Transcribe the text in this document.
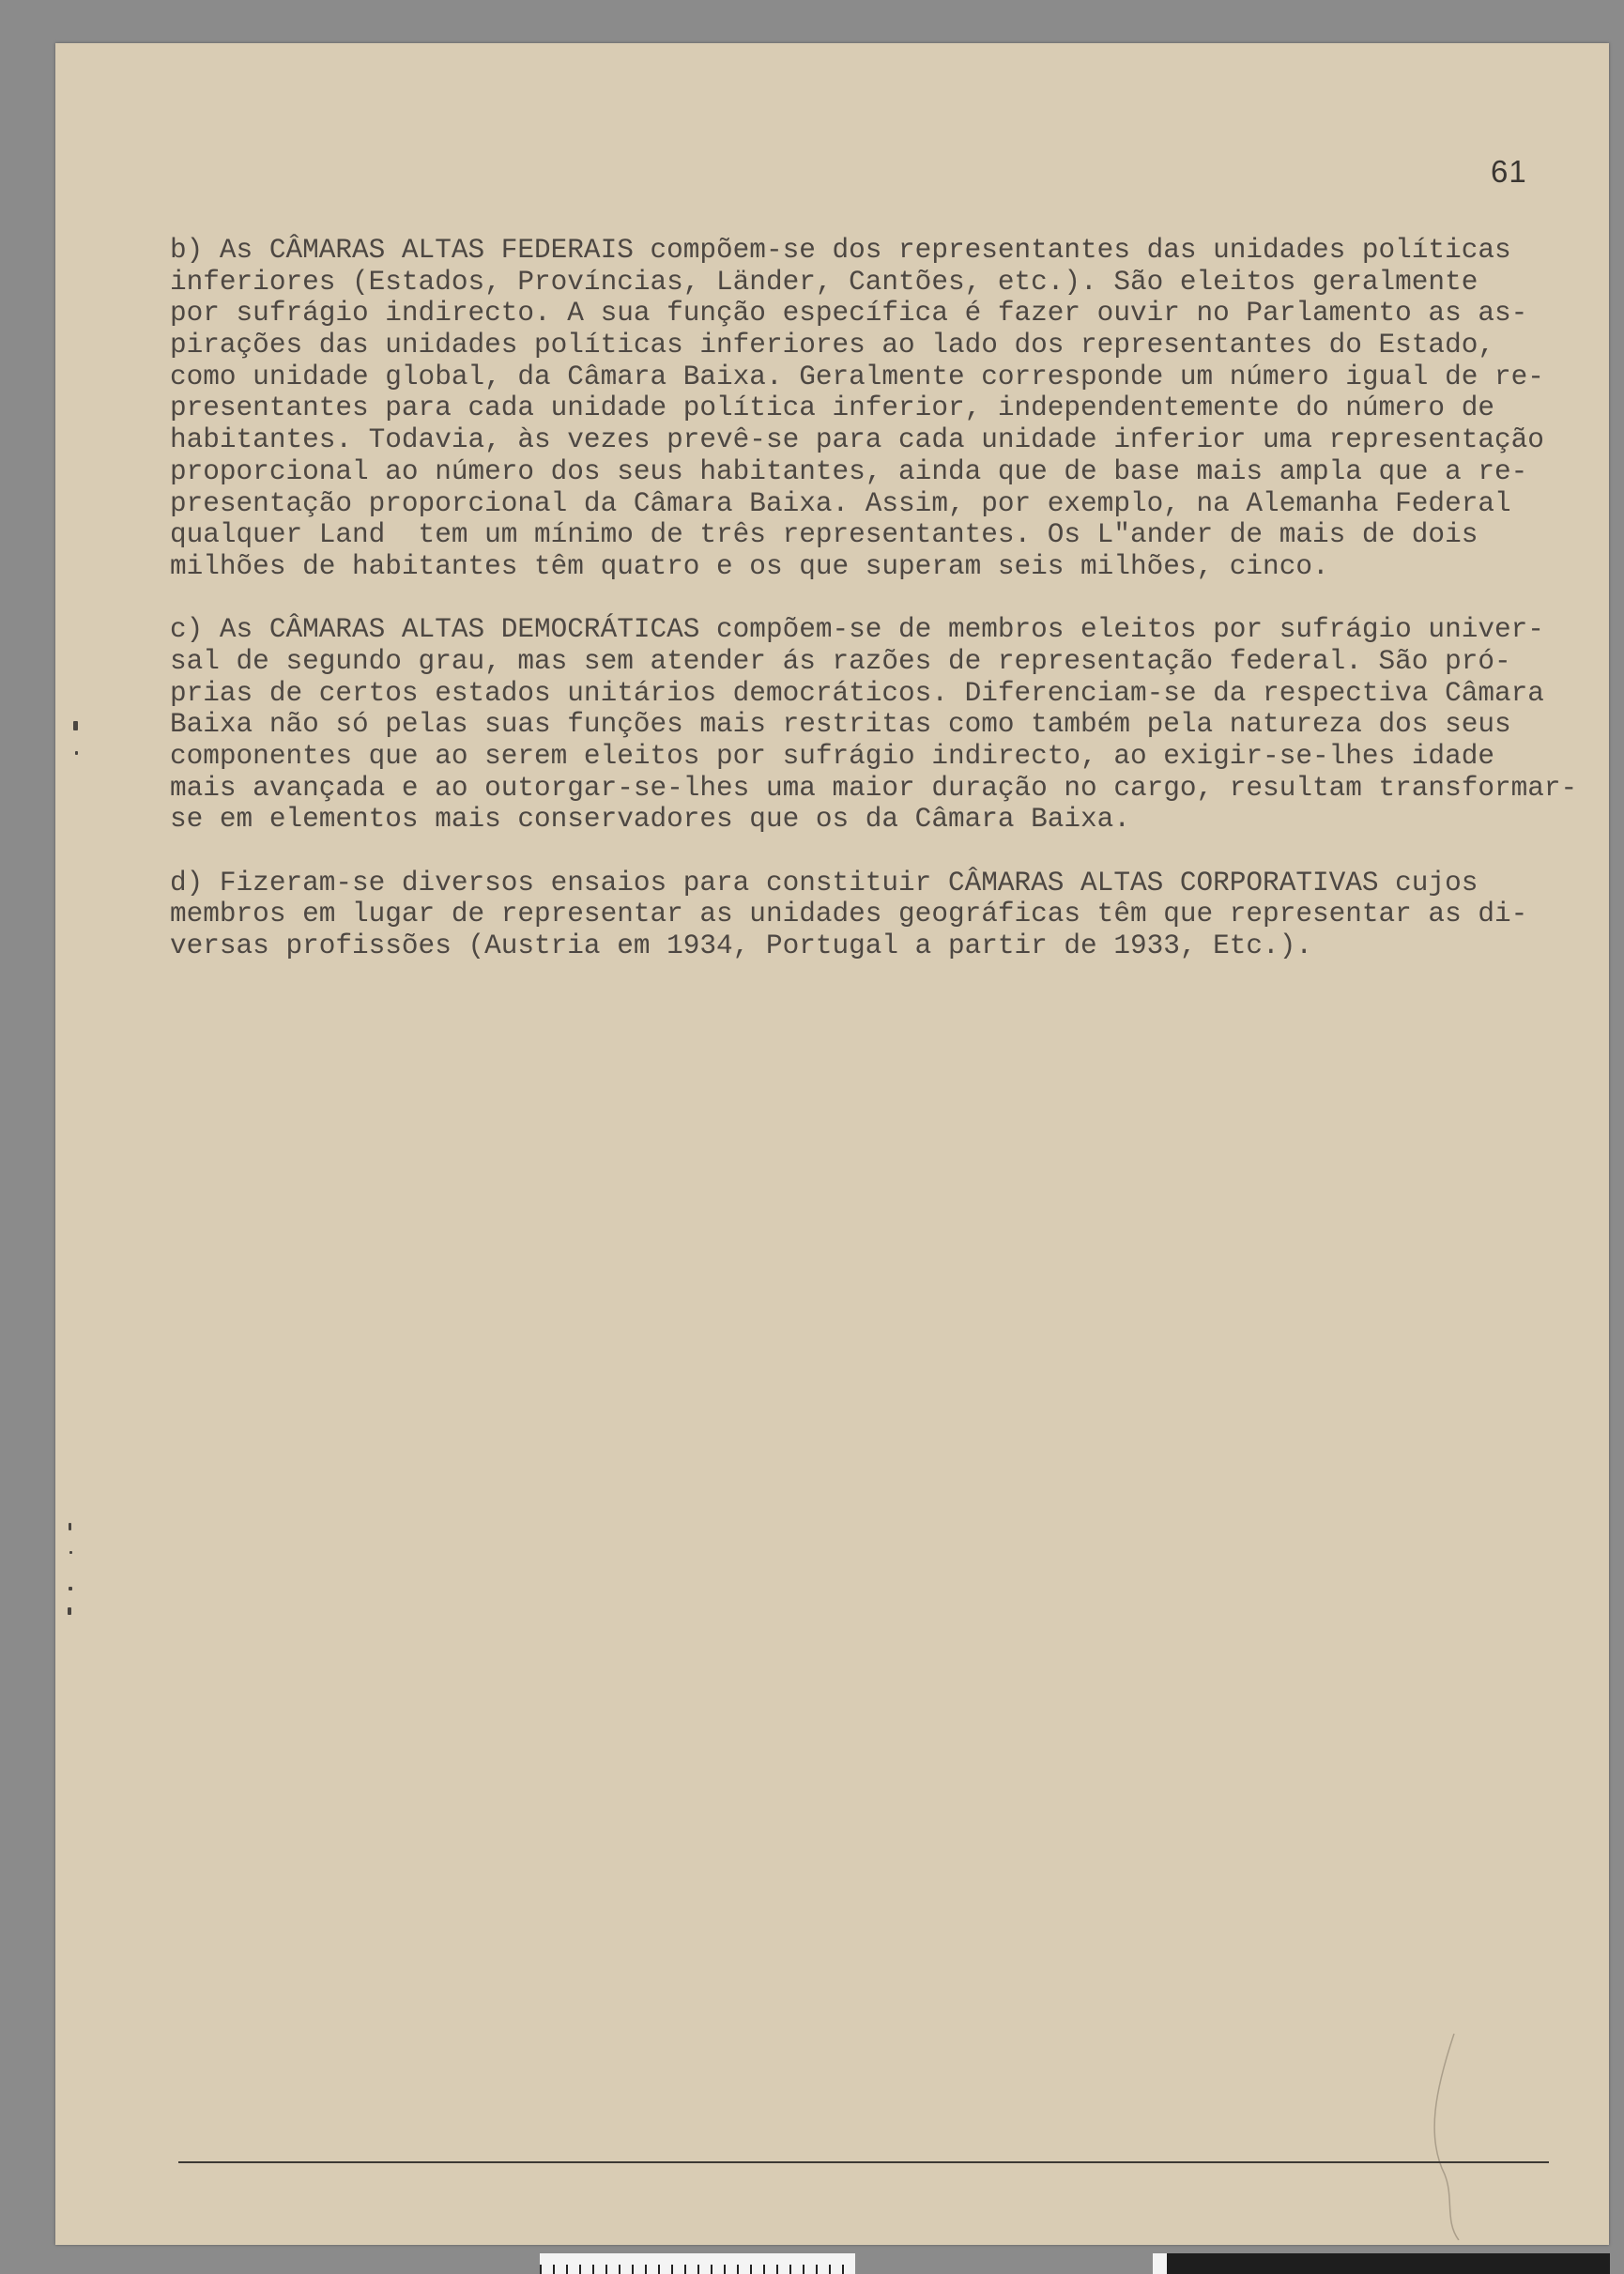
61
b) As CÂMARAS ALTAS FEDERAIS compõem-se dos representantes das unidades políticas
inferiores (Estados, Províncias, Länder, Cantões, etc.). São eleitos geralmente
por sufrágio indirecto. A sua função específica é fazer ouvir no Parlamento as as-
pirações das unidades políticas inferiores ao lado dos representantes do Estado,
como unidade global, da Câmara Baixa. Geralmente corresponde um número igual de re-
presentantes para cada unidade política inferior, independentemente do número de
habitantes. Todavia, às vezes prevê-se para cada unidade inferior uma representação
proporcional ao número dos seus habitantes, ainda que de base mais ampla que a re-
presentação proporcional da Câmara Baixa. Assim, por exemplo, na Alemanha Federal
qualquer Land  tem um mínimo de três representantes. Os L"ander de mais de dois
milhões de habitantes têm quatro e os que superam seis milhões, cinco.
c) As CÂMARAS ALTAS DEMOCRÁTICAS compõem-se de membros eleitos por sufrágio univer-
sal de segundo grau, mas sem atender ás razões de representação federal. São pró-
prias de certos estados unitários democráticos. Diferenciam-se da respectiva Câmara
Baixa não só pelas suas funções mais restritas como também pela natureza dos seus
componentes que ao serem eleitos por sufrágio indirecto, ao exigir-se-lhes idade
mais avançada e ao outorgar-se-lhes uma maior duração no cargo, resultam transformar-
se em elementos mais conservadores que os da Câmara Baixa.
d) Fizeram-se diversos ensaios para constituir CÂMARAS ALTAS CORPORATIVAS cujos
membros em lugar de representar as unidades geográficas têm que representar as di-
versas profissões (Austria em 1934, Portugal a partir de 1933, Etc.).
